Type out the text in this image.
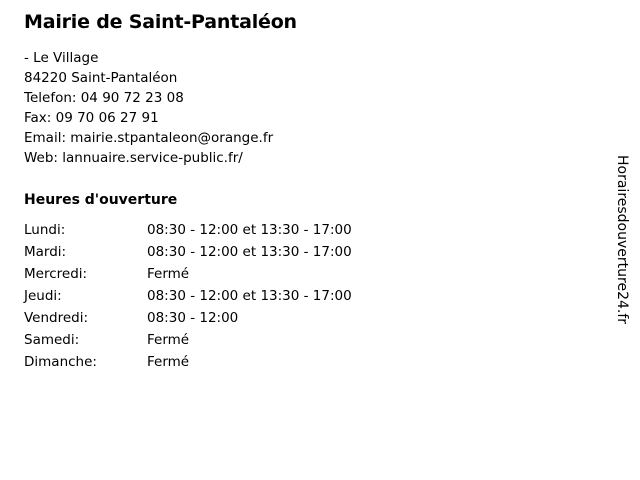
Mairie de Saint-Pantaléon

- Le Village

84220 Saint-Pantaléon

Telefon: 04 90 72 23 08

Fax: 09 70 06 27 91

Email: mairie.stpantaleon@orange.fr

Web: lannuaire.service-public.fr/

Heures d'ouverture
Lundi:	08:30 - 12:00 et 13:30 - 17:00
Mardi:	08:30 - 12:00 et 13:30 - 17:00
Mercredi:	Fermé
Jeudi:	08:30 - 12:00 et 13:30 - 17:00
Vendredi:	08:30 - 12:00
Samedi:	Fermé
Dimanche:	Fermé
Horairesdouverture24.fr
